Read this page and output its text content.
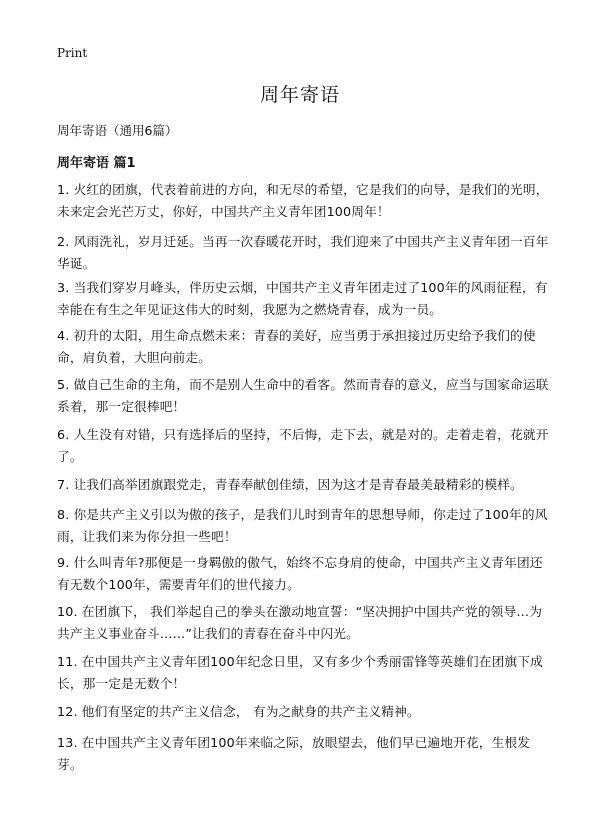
Print
周年寄语

周年寄语（通用6篇）

周年寄语 篇1

1. 火红的团旗，代表着前进的方向，和无尽的希望，它是我们的向导，是我们的光明，未来定会光芒万丈，你好，中国共产主义青年团100周年！

2. 风雨洗礼，岁月迁延。当再一次春暖花开时，我们迎来了中国共产主义青年团一百年华诞。

3. 当我们穿岁月峰头，伴历史云烟，中国共产主义青年团走过了100年的风雨征程，有幸能在有生之年见证这伟大的时刻，我愿为之燃烧青春，成为一员。

4. 初升的太阳，用生命点燃未来：青春的美好，应当勇于承担接过历史给予我们的使命，肩负着，大胆向前走。

5. 做自己生命的主角，而不是别人生命中的看客。然而青春的意义，应当与国家命运联系着，那一定很棒吧！

6. 人生没有对错，只有选择后的坚持，不后悔，走下去，就是对的。走着走着，花就开了。

7. 让我们高举团旗跟党走，青春奉献创佳绩，因为这才是青春最美最精彩的模样。

8. 你是共产主义引以为傲的孩子，是我们儿时到青年的思想导师，你走过了100年的风雨，让我们来为你分担一些吧！

9. 什么叫青年?那便是一身羁傲的傲气，始终不忘身肩的使命，中国共产主义青年团还有无数个100年，需要青年们的世代接力。

10. 在团旗下， 我们举起自己的拳头在激动地宣誓：“坚决拥护中国共产党的领导…为共产主义事业奋斗……”让我们的青春在奋斗中闪光。

11. 在中国共产主义青年团100年纪念日里，又有多少个秀丽雷锋等英雄们在团旗下成长，那一定是无数个！

12. 他们有坚定的共产主义信念， 有为之献身的共产主义精神。

13. 在中国共产主义青年团100年来临之际，放眼望去，他们早已遍地开花，生根发芽。
